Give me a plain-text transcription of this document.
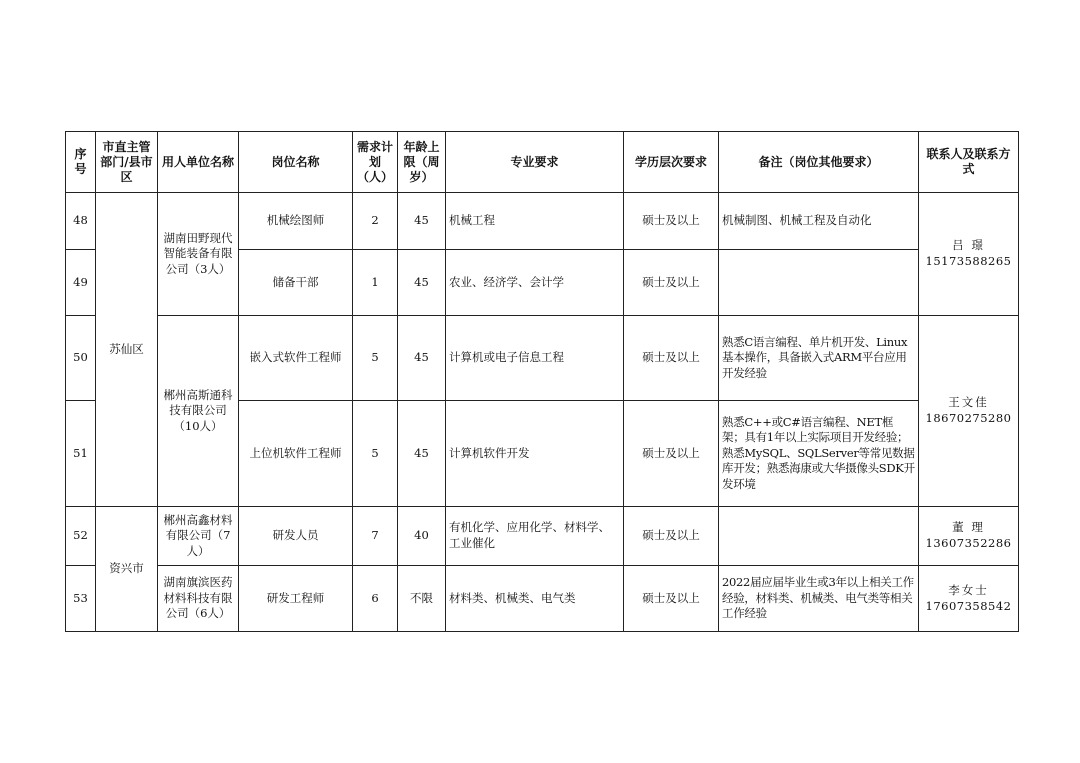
序号	市直主管部门/县市区	用人单位名称	岗位名称	需求计划（人）	年龄上限（周岁）	专业要求	学历层次要求	备注（岗位其他要求）	联系人及联系方式
48	苏仙区	湖南田野现代智能装备有限公司（3人）	机械绘图师	2	45	机械工程	硕士及以上	机械制图、机械工程及自动化	吕 璟
15173588265

49			储备干部	1	45	农业、经济学、会计学	硕士及以上		
50		郴州高斯通科技有限公司（10人）	嵌入式软件工程师	5	45	计算机或电子信息工程	硕士及以上	熟悉C语言编程、单片机开发、Linux基本操作，具备嵌入式ARM平台应用开发经验	王文佳
18670275280

51			上位机软件工程师	5	45	计算机软件开发	硕士及以上	熟悉C++或C#语言编程、NET框架；具有1年以上实际项目开发经验；熟悉MySQL、SQLServer等常见数据库开发；熟悉海康或大华摄像头SDK开发环境	
52	资兴市	郴州高鑫材料有限公司（7人）	研发人员	7	40	有机化学、应用化学、材料学、工业催化	硕士及以上		董 理
13607352286

53		湖南旗滨医药材料科技有限公司（6人）	研发工程师	6	不限	材料类、机械类、电气类	硕士及以上	2022届应届毕业生或3年以上相关工作经验，材料类、机械类、电气类等相关工作经验	李女士
17607358542
